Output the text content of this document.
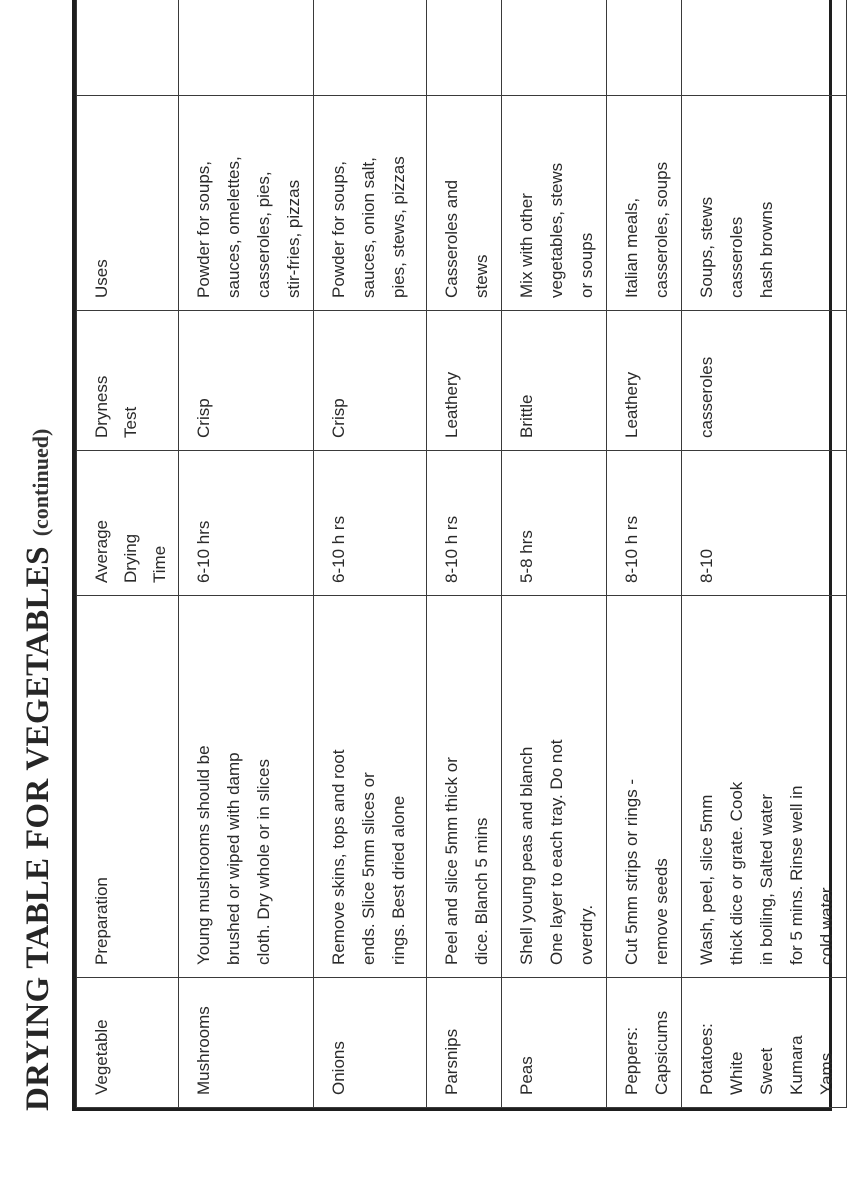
DRYING TABLE FOR VEGETABLES(continued)
Vegetable	Preparation	Average
Drying
Time	Dryness
Test	Uses	
Mushrooms	Young mushrooms should be
brushed or wiped with damp
cloth. Dry whole or in slices	6-10 hrs	Crisp	Powder for soups,
sauces, omelettes,
casseroles, pies,
stir-fries, pizzas	
Onions	Remove skins, tops and root
ends. Slice 5mm slices or
rings. Best dried alone	6-10 h rs	Crisp	Powder for soups,
sauces, onion salt,
pies, stews, pizzas	
Parsnips	Peel and slice 5mm thick or
dice. Blanch 5 mins	8-10 h rs	Leathery	Casseroles and
stews	
Peas	Shell young peas and blanch
One layer to each tray. Do not
overdry.	5-8 hrs	Brittle	Mix with other
vegetables, stews
or soups	
Peppers:
Capsicums	Cut 5mm strips or rings -
remove seeds	8-10 h rs	Leathery	Italian meals,
casseroles, soups	
Potatoes:
White
Sweet
Kumara
Yams	Wash, peel, slice 5mm
thick dice or grate. Cook
in boiling, Salted water
for 5 mins. Rinse well in
cold water	8-10	casseroles	Soups, stews
casseroles
hash browns	
